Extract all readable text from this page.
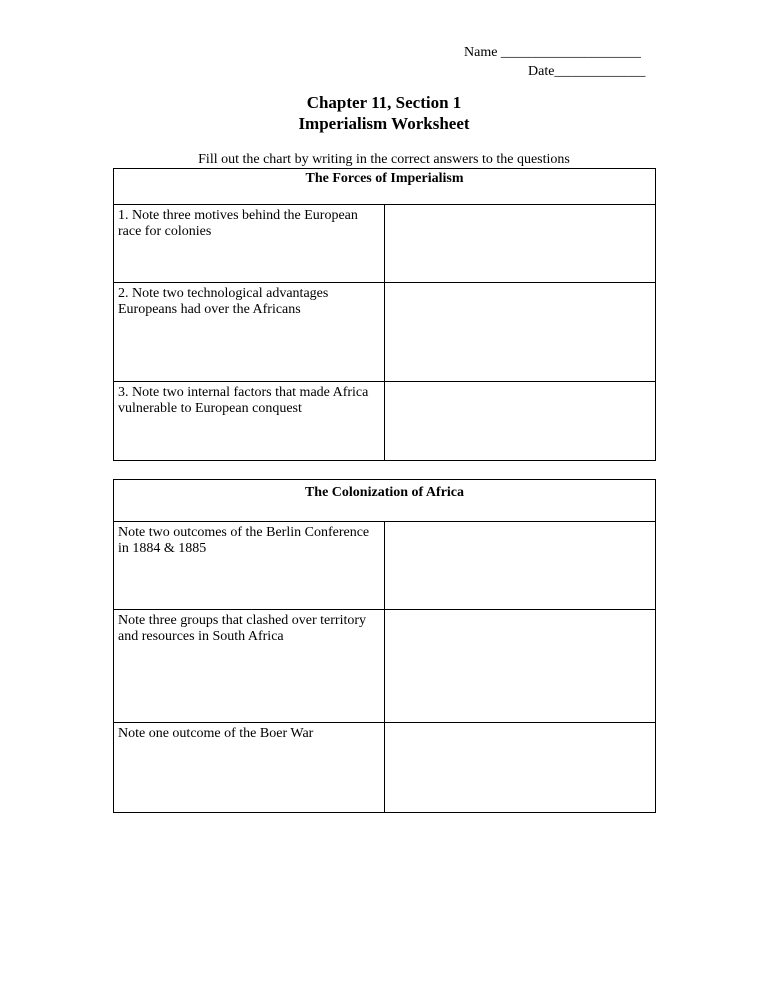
Name ____________________
Date_____________
Chapter 11, Section 1
Imperialism Worksheet
Fill out the chart by writing in the correct answers to the questions
The Forces of Imperialism	
1. Note three motives behind the European race for colonies	
2. Note two technological advantages Europeans had over the Africans	
3. Note two internal factors that made Africa vulnerable to European conquest	
The Colonization of Africa	
Note two outcomes of the Berlin Conference in 1884 & 1885	
Note three groups that clashed over territory and resources in South Africa	
Note one outcome of the Boer War	
